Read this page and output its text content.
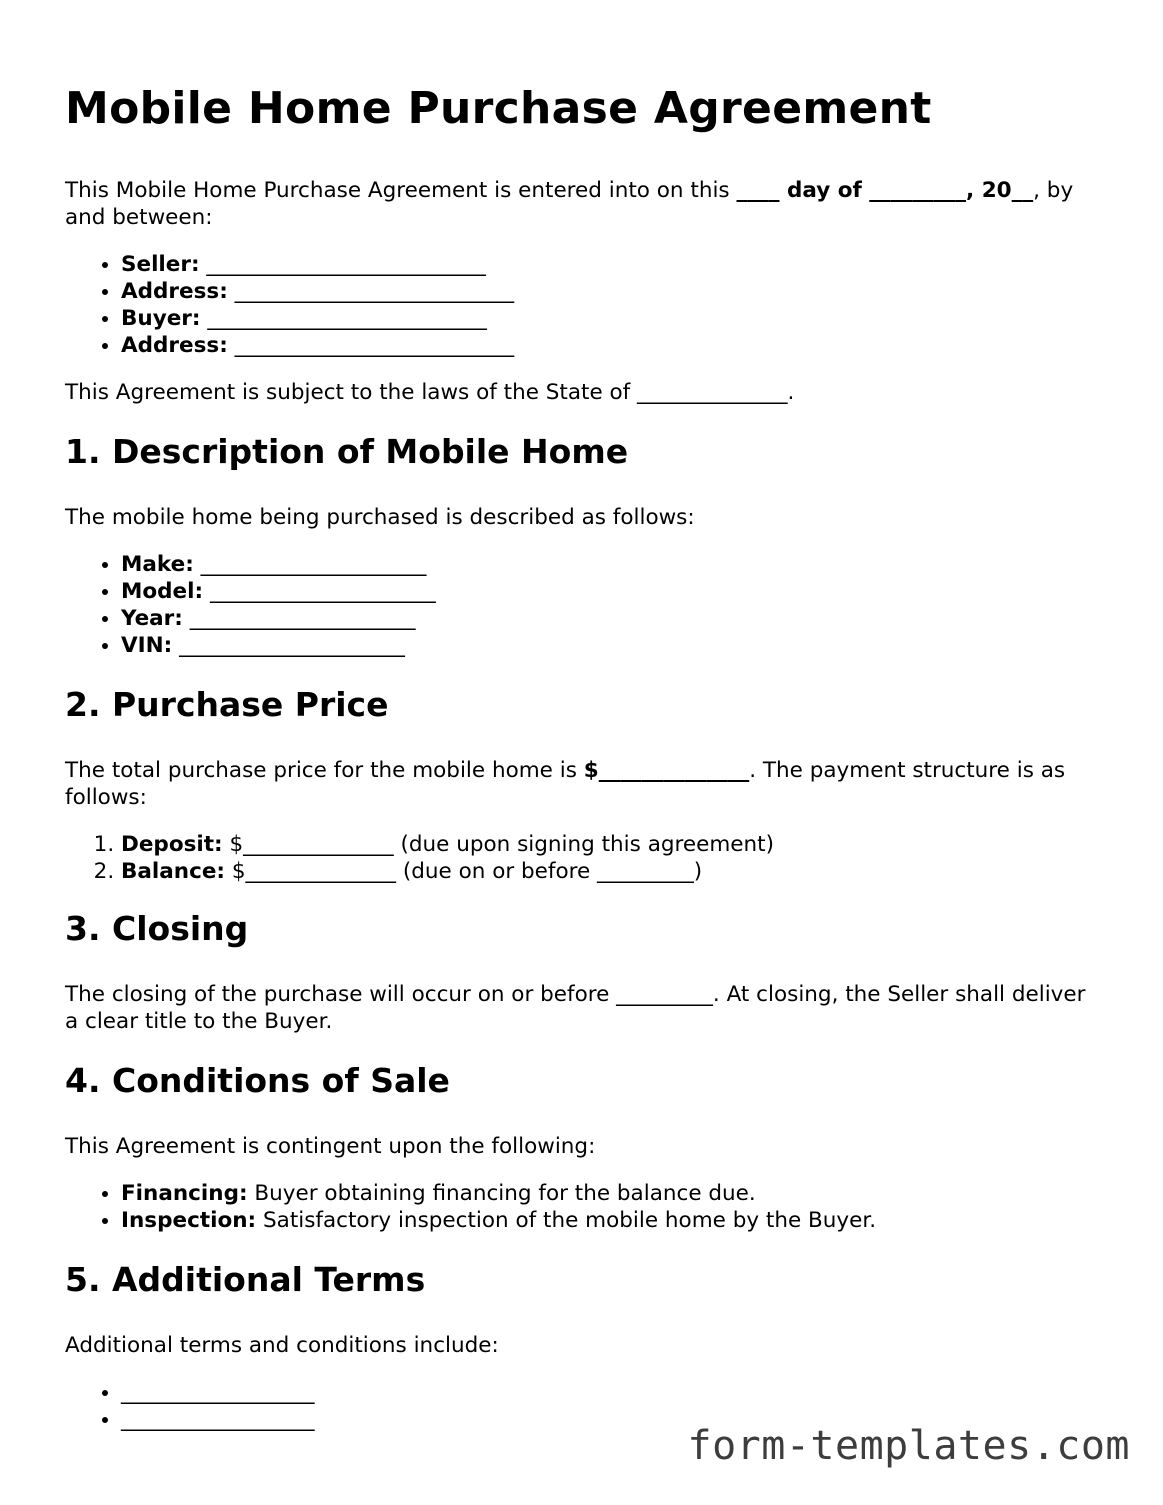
Mobile Home Purchase Agreement

This Mobile Home Purchase Agreement is entered into on this ____ day of _________, 20__, by and between:

• Seller: __________________________
• Address: __________________________
• Buyer: __________________________
• Address: __________________________

This Agreement is subject to the laws of the State of ______________.

1. Description of Mobile Home

The mobile home being purchased is described as follows:

• Make: _____________________
• Model: _____________________
• Year: _____________________
• VIN: _____________________
2. Purchase Price

The total purchase price for the mobile home is $______________. The payment structure is as follows:

1. Deposit: $______________ (due upon signing this agreement)
2. Balance: $______________ (due on or before _________)
3. Closing

The closing of the purchase will occur on or before _________. At closing, the Seller shall deliver a clear title to the Buyer.

4. Conditions of Sale

This Agreement is contingent upon the following:

• Financing: Buyer obtaining financing for the balance due.
• Inspection: Satisfactory inspection of the mobile home by the Buyer.
5. Additional Terms

Additional terms and conditions include:

• __________________
• __________________
form-templates.com
